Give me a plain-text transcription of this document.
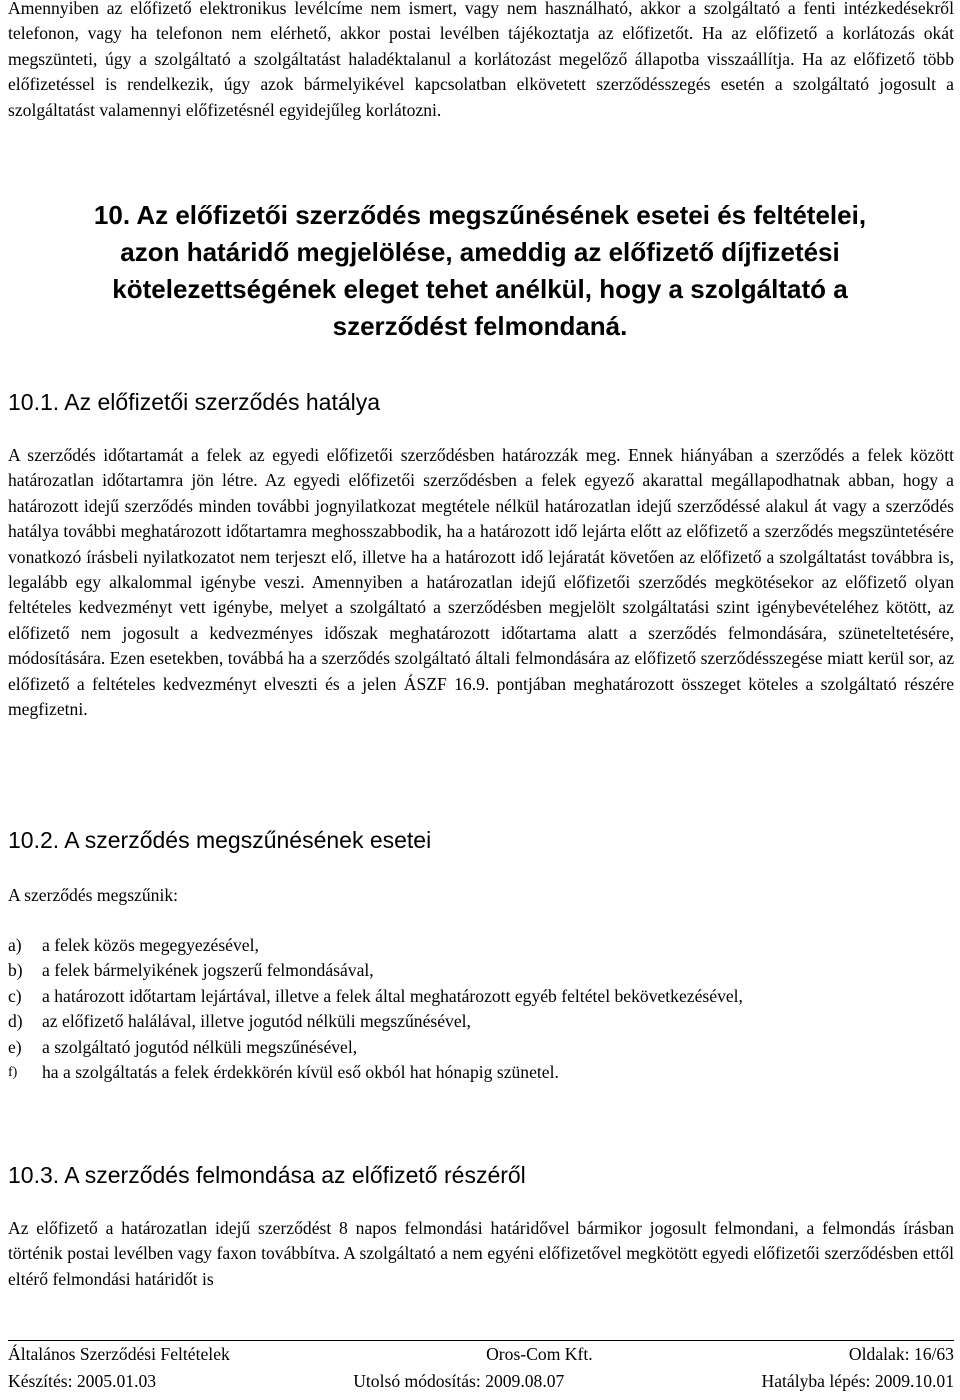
Amennyiben az előfizető elektronikus levélcíme nem ismert, vagy nem használható, akkor a szolgáltató a fenti intézkedésekről telefonon, vagy ha telefonon nem elérhető, akkor postai levélben tájékoztatja az előfizetőt. Ha az előfizető a korlátozás okát megszünteti, úgy a szolgáltató a szolgáltatást haladéktalanul a korlátozást megelőző állapotba visszaállítja. Ha az előfizető több előfizetéssel is rendelkezik, úgy azok bármelyikével kapcsolatban elkövetett szerződésszegés esetén a szolgáltató jogosult a szolgáltatást valamennyi előfizetésnél egyidejűleg korlátozni.

10. Az előfizetői szerződés megszűnésének esetei és feltételei, azon határidő megjelölése, ameddig az előfizető díjfizetési kötelezettségének eleget tehet anélkül, hogy a szolgáltató a szerződést felmondaná.
10.1. Az előfizetői szerződés hatálya

A szerződés időtartamát a felek az egyedi előfizetői szerződésben határozzák meg. Ennek hiányában a szerződés a felek között határozatlan időtartamra jön létre. Az egyedi előfizetői szerződésben a felek egyező akarattal megállapodhatnak abban, hogy a határozott idejű szerződés minden további jognyilatkozat megtétele nélkül határozatlan idejű szerződéssé alakul át vagy a szerződés hatálya további meghatározott időtartamra meghosszabbodik, ha a határozott idő lejárta előtt az előfizető a szerződés megszüntetésére vonatkozó írásbeli nyilatkozatot nem terjeszt elő, illetve ha a határozott idő lejáratát követően az előfizető a szolgáltatást továbbra is, legalább egy alkalommal igénybe veszi. Amennyiben a határozatlan idejű előfizetői szerződés megkötésekor az előfizető olyan feltételes kedvezményt vett igénybe, melyet a szolgáltató a szerződésben megjelölt szolgáltatási szint igénybevételéhez kötött, az előfizető nem jogosult a kedvezményes időszak meghatározott időtartama alatt a szerződés felmondására, szüneteltetésére, módosítására. Ezen esetekben, továbbá ha a szerződés szolgáltató általi felmondására az előfizető szerződésszegése miatt kerül sor, az előfizető a feltételes kedvezményt elveszti és a jelen ÁSZF 16.9. pontjában meghatározott összeget köteles a szolgáltató részére megfizetni.

10.2. A szerződés megszűnésének esetei

A szerződés megszűnik:

a)	a felek közös megegyezésével,
b)	a felek bármelyikének jogszerű felmondásával,
c)	a határozott időtartam lejártával, illetve a felek által meghatározott egyéb feltétel bekövetkezésével,
d)	az előfizető halálával, illetve jogutód nélküli megszűnésével,
e)	a szolgáltató jogutód nélküli megszűnésével,
f)	ha a szolgáltatás a felek érdekkörén kívül eső okból hat hónapig szünetel.
10.3. A szerződés felmondása az előfizető részéről

Az előfizető a határozatlan idejű szerződést 8 napos felmondási határidővel bármikor jogosult felmondani, a felmondás írásban történik postai levélben vagy faxon továbbítva. A szolgáltató a nem egyéni előfizetővel megkötött egyedi előfizetői szerződésben ettől eltérő felmondási határidőt is

Általános Szerződési Feltételek	Oros-Com Kft.	Oldalak: 16/63
Készítés: 2005.01.03	Utolsó módosítás: 2009.08.07	Hatályba lépés: 2009.10.01
